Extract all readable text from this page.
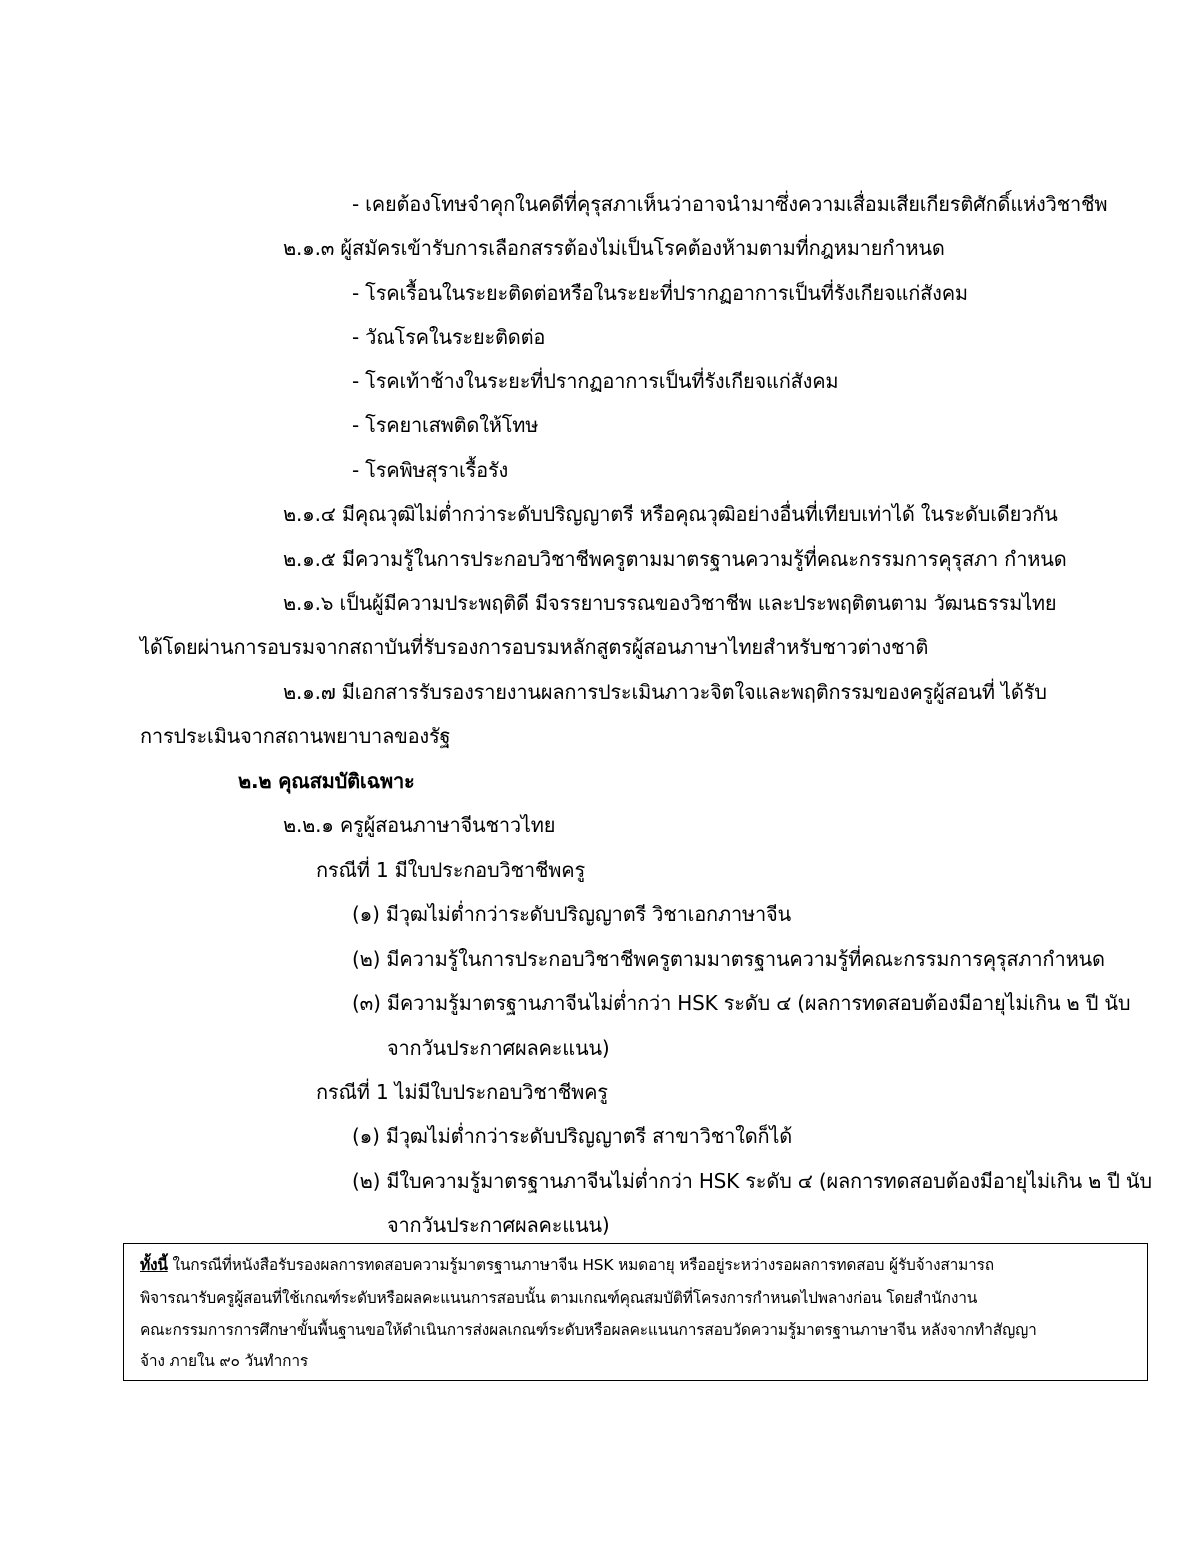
- เคยต้องโทษจำคุกในคดีที่คุรุสภาเห็นว่าอาจนำมาซึ่งความเสื่อมเสียเกียรติศักดิ์แห่งวิชาชีพ

๒.๑.๓ ผู้สมัครเข้ารับการเลือกสรรต้องไม่เป็นโรคต้องห้ามตามที่กฎหมายกำหนด

- โรคเรื้อนในระยะติดต่อหรือในระยะที่ปรากฏอาการเป็นที่รังเกียจแก่สังคม

- วัณโรคในระยะติดต่อ

- โรคเท้าช้างในระยะที่ปรากฏอาการเป็นที่รังเกียจแก่สังคม

- โรคยาเสพติดให้โทษ

- โรคพิษสุราเรื้อรัง

๒.๑.๔ มีคุณวุฒิไม่ต่ำกว่าระดับปริญญาตรี หรือคุณวุฒิอย่างอื่นที่เทียบเท่าได้ ในระดับเดียวกัน

๒.๑.๕ มีความรู้ในการประกอบวิชาชีพครูตามมาตรฐานความรู้ที่คณะกรรมการคุรุสภา กำหนด

๒.๑.๖ เป็นผู้มีความประพฤติดี มีจรรยาบรรณของวิชาชีพ และประพฤติตนตาม วัฒนธรรมไทย

ได้โดยผ่านการอบรมจากสถาบันที่รับรองการอบรมหลักสูตรผู้สอนภาษาไทยสำหรับชาวต่างชาติ

๒.๑.๗ มีเอกสารรับรองรายงานผลการประเมินภาวะจิตใจและพฤติกรรมของครูผู้สอนที่ ได้รับ

การประเมินจากสถานพยาบาลของรัฐ

๒.๒ คุณสมบัติเฉพาะ

๒.๒.๑ ครูผู้สอนภาษาจีนชาวไทย

กรณีที่ 1 มีใบประกอบวิชาชีพครู

(๑) มีวุฒไม่ต่ำกว่าระดับปริญญาตรี วิชาเอกภาษาจีน

(๒) มีความรู้ในการประกอบวิชาชีพครูตามมาตรฐานความรู้ที่คณะกรรมการคุรุสภากำหนด

(๓) มีความรู้มาตรฐานภาจีนไม่ต่ำกว่า HSK ระดับ ๔ (ผลการทดสอบต้องมีอายุไม่เกิน ๒ ปี นับ

จากวันประกาศผลคะแนน)

กรณีที่ 1 ไม่มีใบประกอบวิชาชีพครู

(๑) มีวุฒไม่ต่ำกว่าระดับปริญญาตรี สาขาวิชาใดก็ได้

(๒) มีใบความรู้มาตรฐานภาจีนไม่ต่ำกว่า HSK ระดับ ๔ (ผลการทดสอบต้องมีอายุไม่เกิน ๒ ปี นับ

จากวันประกาศผลคะแนน)

ทั้งนี้ ในกรณีที่หนังสือรับรองผลการทดสอบความรู้มาตรฐานภาษาจีน HSK หมดอายุ หรืออยู่ระหว่างรอผลการทดสอบ ผู้รับจ้างสามารถ

พิจารณารับครูผู้สอนที่ใช้เกณฑ์ระดับหรือผลคะแนนการสอบนั้น ตามเกณฑ์คุณสมบัติที่โครงการกำหนดไปพลางก่อน โดยสำนักงาน

คณะกรรมการการศึกษาขั้นพื้นฐานขอให้ดำเนินการส่งผลเกณฑ์ระดับหรือผลคะแนนการสอบวัดความรู้มาตรฐานภาษาจีน หลังจากทำสัญญา

จ้าง ภายใน ๙๐ วันทำการ
